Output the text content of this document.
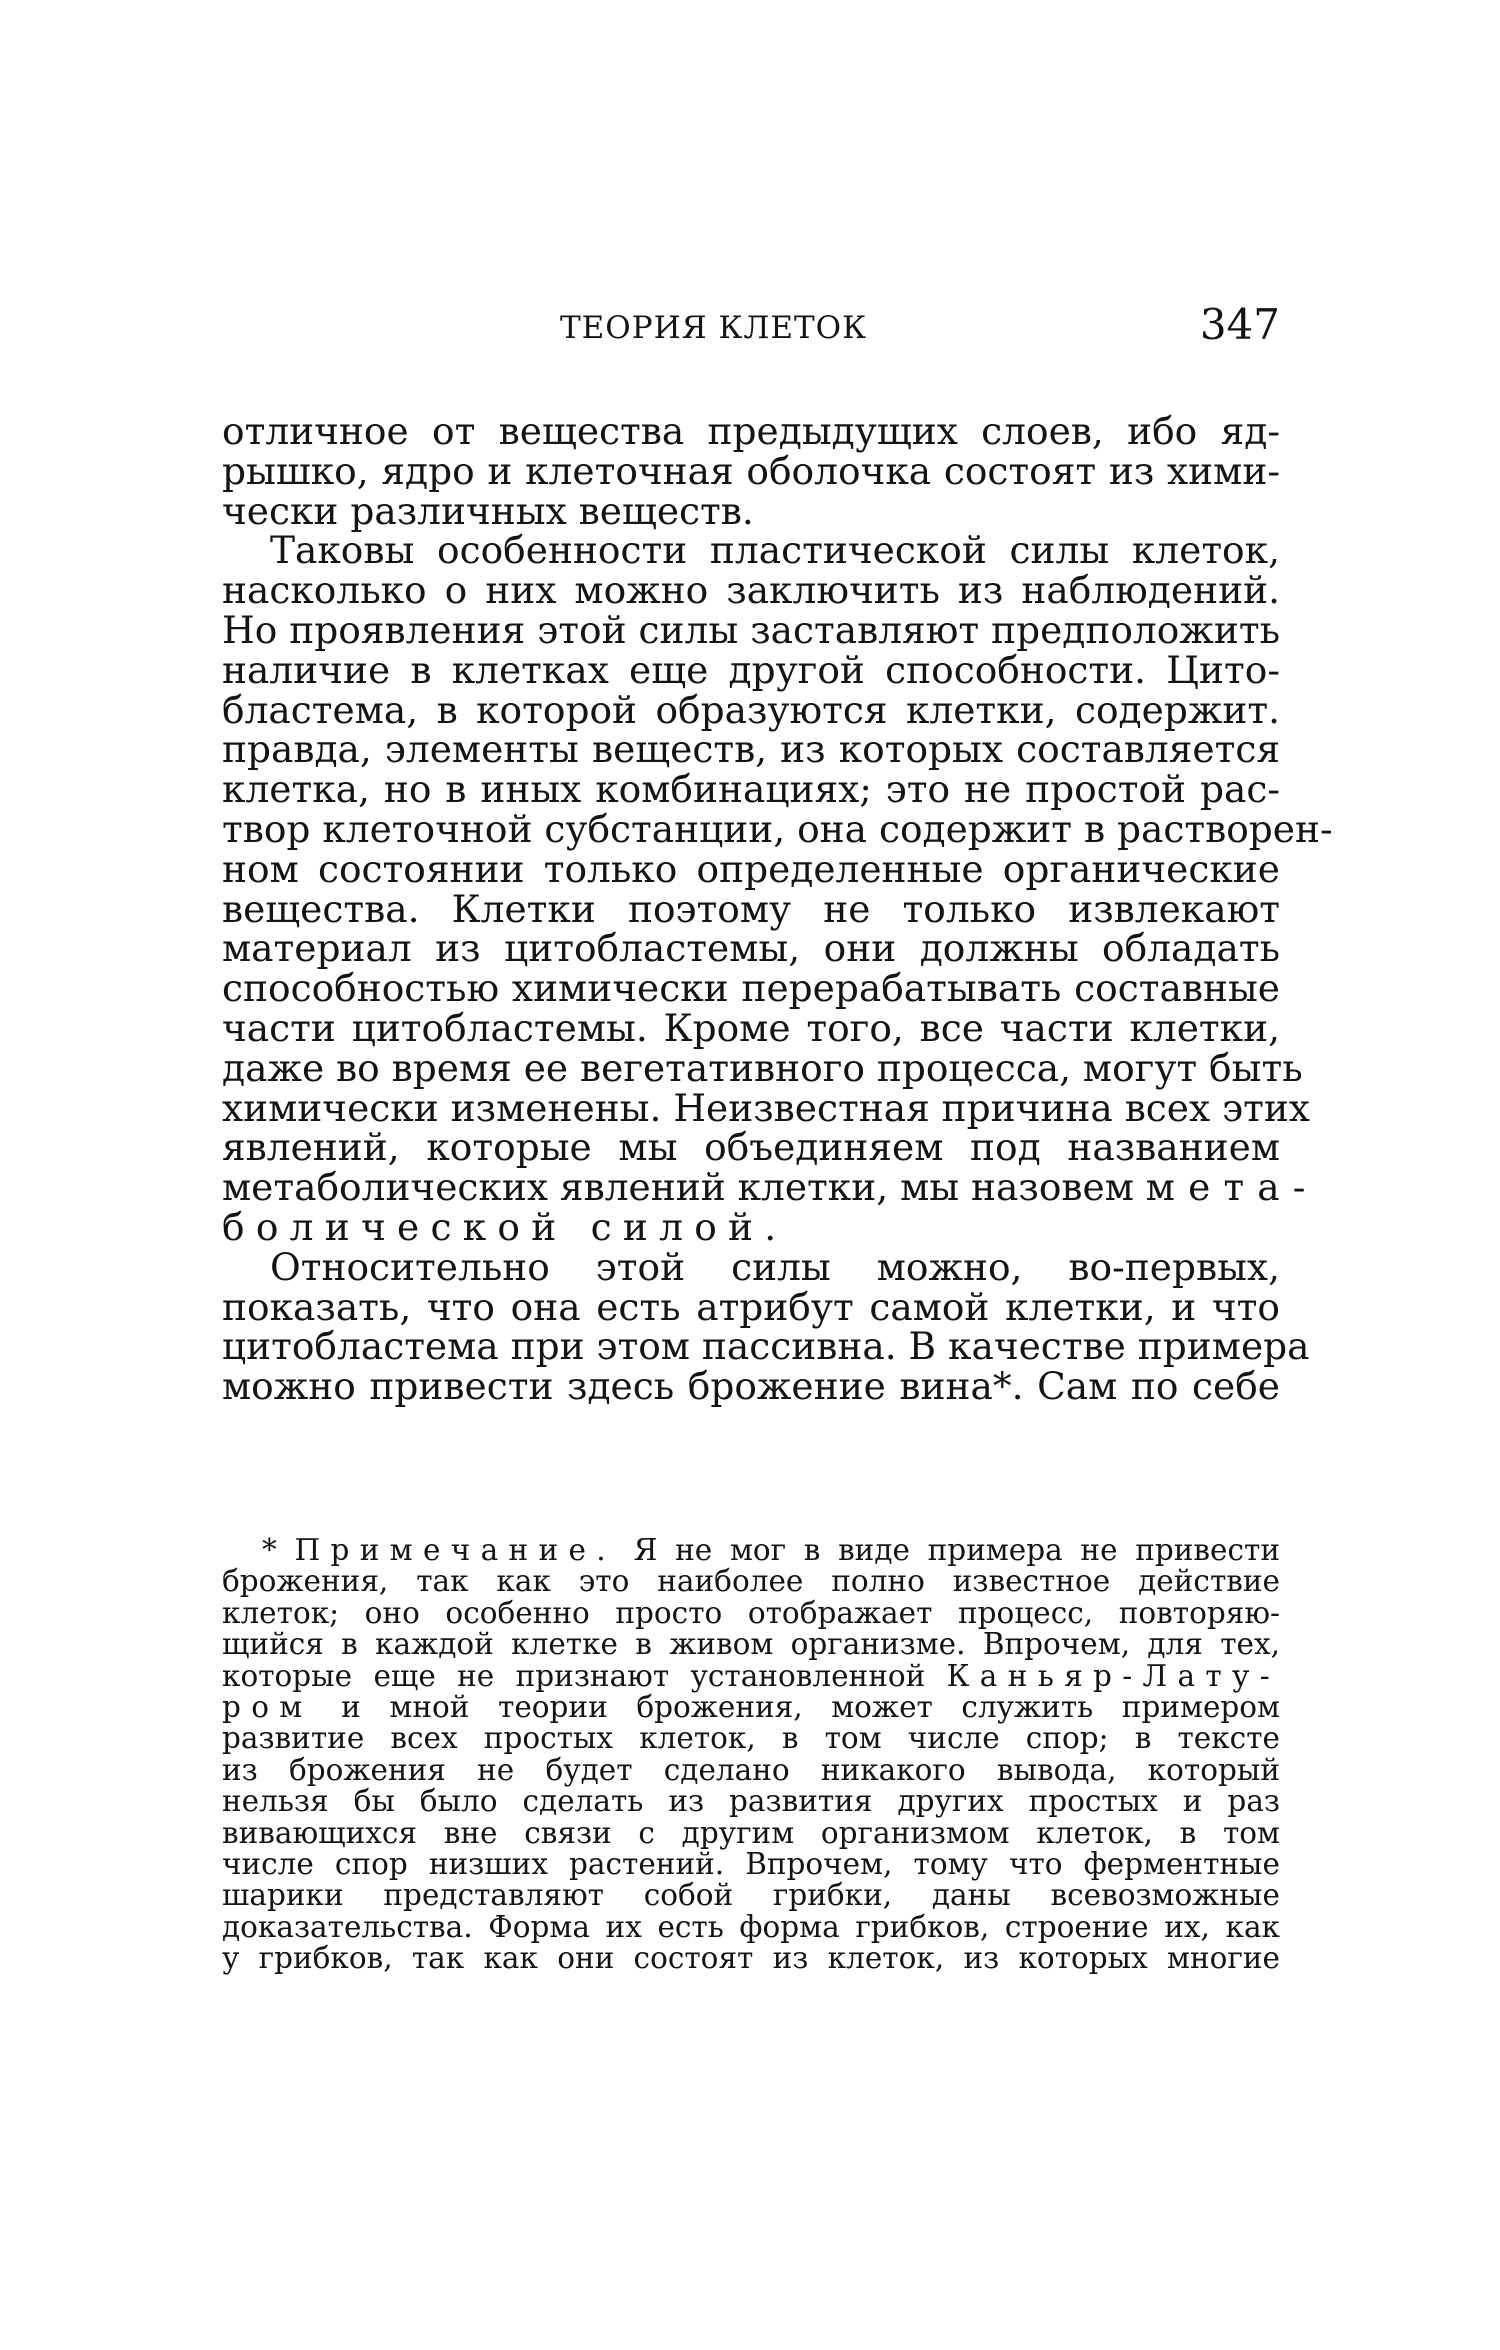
ТЕОРИЯ КЛЕТОК	347
отличное от вещества предыдущих слоев, ибо яд-
рышко, ядро и клеточная оболочка состоят из хими-
чески различных веществ.
Таковы особенности пластической силы клеток,
насколько о них можно заключить из наблюдений.
Но проявления этой силы заставляют предположить
наличие в клетках еще другой способности. Цито-
бластема, в которой образуются клетки, содержит.
правда, элементы веществ, из которых составляется
клетка, но в иных комбинациях; это не простой рас-
твор клеточной субстанции, она содержит в растворен-
ном состоянии только определенные органические
вещества. Клетки поэтому не только извлекают
материал из цитобластемы, они должны обладать
способностью химически перерабатывать составные
части цитобластемы. Кроме того, все части клетки,
даже во время ее вегетативного процесса, могут быть
химически изменены. Неизвестная причина всех этих
явлений, которые мы объединяем под названием
метаболических явлений клетки, мы назовем мета-
болической силой.
Относительно этой силы можно, во-первых,
показать, что она есть атрибут самой клетки, и что
цитобластема при этом пассивна. В качестве примера
можно привести здесь брожение вина*. Сам по себе
* Примечание. Я не мог в виде примера не привести
брожения, так как это наиболее полно известное действие
клеток; оно особенно просто отображает процесс, повторяю-
щийся в каждой клетке в живом организме. Впрочем, для тех,
которые еще не признают установленной Каньяр-Лату-
ром и мной теории брожения, может служить примером
развитие всех простых клеток, в том числе спор; в тексте
из брожения не будет сделано никакого вывода, который
нельзя бы было сделать из развития других простых и раз
вивающихся вне связи с другим организмом клеток, в том
числе спор низших растений. Впрочем, тому что ферментные
шарики представляют собой грибки, даны всевозможные
доказательства. Форма их есть форма грибков, строение их, как
у грибков, так как они состоят из клеток, из которых многие
